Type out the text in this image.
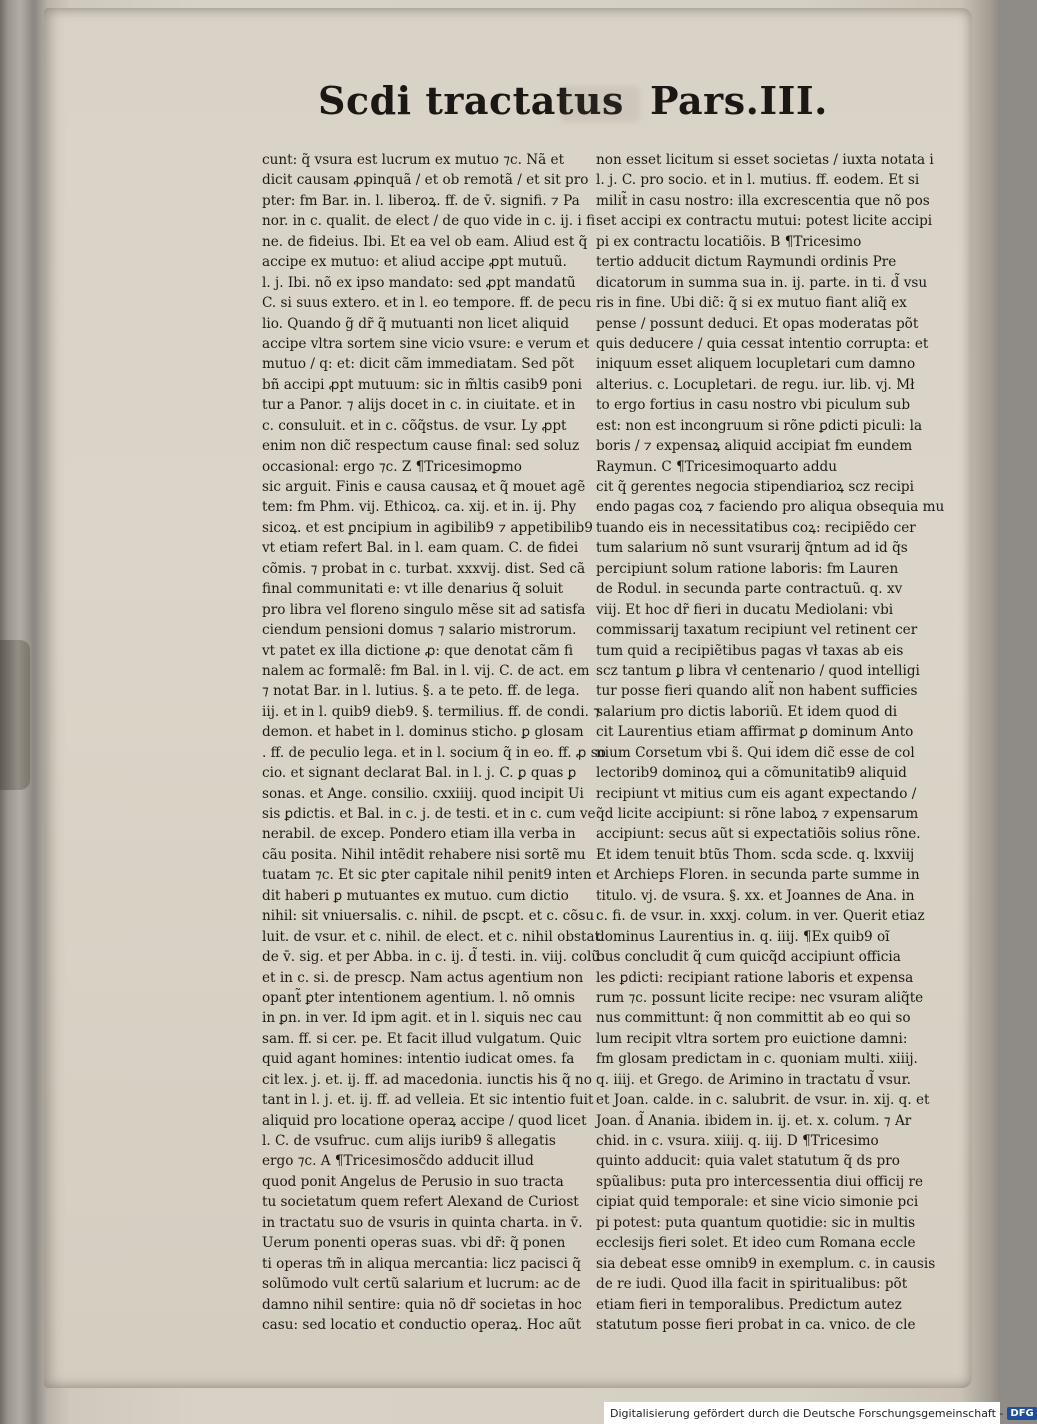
Scdi tractatus Pars.III.
cunt: q̃ vsura est lucrum ex mutuo ⁊c. Nã et
dicit causam ꝓpinquã / et ob remotã / et sit pro
pter: fm Bar. in. l. liberoꝝ. ff. de v̄. signifi. ⁊ Pa
nor. in c. qualit. de elect / de quo vide in c. ij. i fi
ne. de fideius. Ibi. Et ea vel ob eam. Aliud est q̃
accipe ex mutuo: et aliud accipe ꝓpt mutuũ.
l. j. Ibi. nõ ex ipso mandato: sed ꝓpt mandatũ
C. si suus extero. et in l. eo tempore. ff. de pecu
lio. Quando g̃ dr̃ q̃ mutuanti non licet aliquid
accipe vltra sortem sine vicio vsure: e verum et
mutuo / q: et: dicit cãm immediatam. Sed põt
bñ accipi ꝓpt mutuum: sic in m̃ltis casib9 poni
tur a Panor. ⁊ alijs docet in c. in ciuitate. et in
c. consuluit. et in c. cõq̃stus. de vsur. Ly ꝓpt
enim non dic̃ respectum cause final: sed soluz
occasional: ergo ⁊c. Z ¶Tricesimoꝑmo
sic arguit. Finis e causa causaꝝ et q̃ mouet agẽ
tem: fm Phm. vij. Ethicoꝝ. ca. xij. et in. ij. Phy
sicoꝝ. et est ꝑncipium in agibilib9 ⁊ appetibilib9
vt etiam refert Bal. in l. eam quam. C. de fidei
cõmis. ⁊ probat in c. turbat. xxxvij. dist. Sed cã
final communitati e: vt ille denarius q̃ soluit
pro libra vel floreno singulo mẽse sit ad satisfa
ciendum pensioni domus ⁊ salario mistrorum.
vt patet ex illa dictione ꝓ: que denotat cãm fi
nalem ac formalẽ: fm Bal. in l. vij. C. de act. em
⁊ notat Bar. in l. lutius. §. a te peto. ff. de lega.
iij. et in l. quib9 dieb9. §. termilius. ff. de condi. ⁊
demon. et habet in l. dominus sticho. ꝑ glosam
. ff. de peculio lega. et in l. socium q̃ in eo. ff. ꝓ so
cio. et signant declarat Bal. in l. j. C. ꝑ quas ꝑ
sonas. et Ange. consilio. cxxiiij. quod incipit Ui
sis ꝑdictis. et Bal. in c. j. de testi. et in c. cum ve
nerabil. de excep. Pondero etiam illa verba in
cãu posita. Nihil intẽdit rehabere nisi sortẽ mu
tuatam ⁊c. Et sic ꝑter capitale nihil penit9 inten
dit haberi ꝑ mutuantes ex mutuo. cum dictio
nihil: sit vniuersalis. c. nihil. de ꝑscpt. et c. cõsu
luit. de vsur. et c. nihil. de elect. et c. nihil obstat.
de v̄. sig. et per Abba. in c. ij. d̃ testi. in. viij. colũ.
et in c. si. de prescp. Nam actus agentium non
opant̃ ꝑter intentionem agentium. l. nõ omnis
in ꝑn. in ver. Id ipm agit. et in l. siquis nec cau
sam. ff. si cer. pe. Et facit illud vulgatum. Quic
quid agant homines: intentio iudicat omes. fa
cit lex. j. et. ij. ff. ad macedonia. iunctis his q̃ no
tant in l. j. et. ij. ff. ad velleia. Et sic intentio fuit
aliquid pro locatione operaꝝ accipe / quod licet
l. C. de vsufruc. cum alijs iurib9 s̃ allegatis
ergo ⁊c. A ¶Tricesimosc̃do adducit illud
quod ponit Angelus de Perusio in suo tracta
tu societatum quem refert Alexand de Curiost
in tractatu suo de vsuris in quinta charta. in v̄.
Uerum ponenti operas suas. vbi dr̃: q̃ ponen
ti operas tm̃ in aliqua mercantia: licz pacisci q̃
solũmodo vult certũ salarium et lucrum: ac de
damno nihil sentire: quia nõ dr̃ societas in hoc
casu: sed locatio et conductio operaꝝ. Hoc aũt
non esset licitum si esset societas / iuxta notata i
l. j. C. pro socio. et in l. mutius. ff. eodem. Et si
milit̃ in casu nostro: illa excrescentia que nõ pos
set accipi ex contractu mutui: potest licite accipi
pi ex contractu locatiõis. B ¶Tricesimo
tertio adducit dictum Raymundi ordinis Pre
dicatorum in summa sua in. ij. parte. in ti. d̃ vsu
ris in fine. Ubi dic̃: q̃ si ex mutuo fiant aliq̃ ex
pense / possunt deduci. Et opas moderatas põt
quis deducere / quia cessat intentio corrupta: et
iniquum esset aliquem locupletari cum damno
alterius. c. Locupletari. de regu. iur. lib. vj. Mł
to ergo fortius in casu nostro vbi piculum sub
est: non est incongruum si rõne ꝑdicti piculi: la
boris / ⁊ expensaꝝ aliquid accipiat fm eundem
Raymun. C ¶Tricesimoquarto addu
cit q̃ gerentes negocia stipendiarioꝝ scz recipi
endo pagas coꝝ ⁊ faciendo pro aliqua obsequia mu
tuando eis in necessitatibus coꝝ: recipiẽdo cer
tum salarium nõ sunt vsurarij q̃ntum ad id q̃s
percipiunt solum ratione laboris: fm Lauren
de Rodul. in secunda parte contractuũ. q. xv
viij. Et hoc dr̃ fieri in ducatu Mediolani: vbi
commissarij taxatum recipiunt vel retinent cer
tum quid a recipiẽtibus pagas vł taxas ab eis
scz tantum ꝑ libra vł centenario / quod intelligi
tur posse fieri quando alit̃ non habent sufficies
salarium pro dictis laboriũ. Et idem quod di
cit Laurentius etiam affirmat ꝑ dominum Anto
nium Corsetum vbi s̃. Qui idem dic̃ esse de col
lectorib9 dominoꝝ qui a cõmunitatib9 aliquid
recipiunt vt mitius cum eis agant expectando /
q̃d licite accipiunt: si rõne laboꝝ ⁊ expensarum
accipiunt: secus aũt si expectatiõis solius rõne.
Et idem tenuit btũs Thom. scda scde. q. lxxviij
et Archieps Floren. in secunda parte summe in
titulo. vj. de vsura. §. xx. et Joannes de Ana. in
c. fi. de vsur. in. xxxj. colum. in ver. Querit etiaz
dominus Laurentius in. q. iiij. ¶Ex quib9 oĩ
bus concludit q̃ cum quicq̃d accipiunt officia
les ꝑdicti: recipiant ratione laboris et expensa
rum ⁊c. possunt licite recipe: nec vsuram aliq̃te
nus committunt: q̃ non committit ab eo qui so
lum recipit vltra sortem pro euictione damni:
fm glosam predictam in c. quoniam multi. xiiij.
q. iiij. et Grego. de Arimino in tractatu d̃ vsur.
et Joan. calde. in c. salubrit. de vsur. in. xij. q. et
Joan. d̃ Anania. ibidem in. ij. et. x. colum. ⁊ Ar
chid. in c. vsura. xiiij. q. iij. D ¶Tricesimo
quinto adducit: quia valet statutum q̃ ds pro
spũalibus: puta pro intercessentia diui officij re
cipiat quid temporale: et sine vicio simonie pci
pi potest: puta quantum quotidie: sic in multis
ecclesijs fieri solet. Et ideo cum Romana eccle
sia debeat esse omnib9 in exemplum. c. in causis
de re iudi. Quod illa facit in spiritualibus: põt
etiam fieri in temporalibus. Predictum autez
statutum posse fieri probat in ca. vnico. de cle
Digitalisierung gefördert durch die Deutsche Forschungsgemeinschaft - DFG
